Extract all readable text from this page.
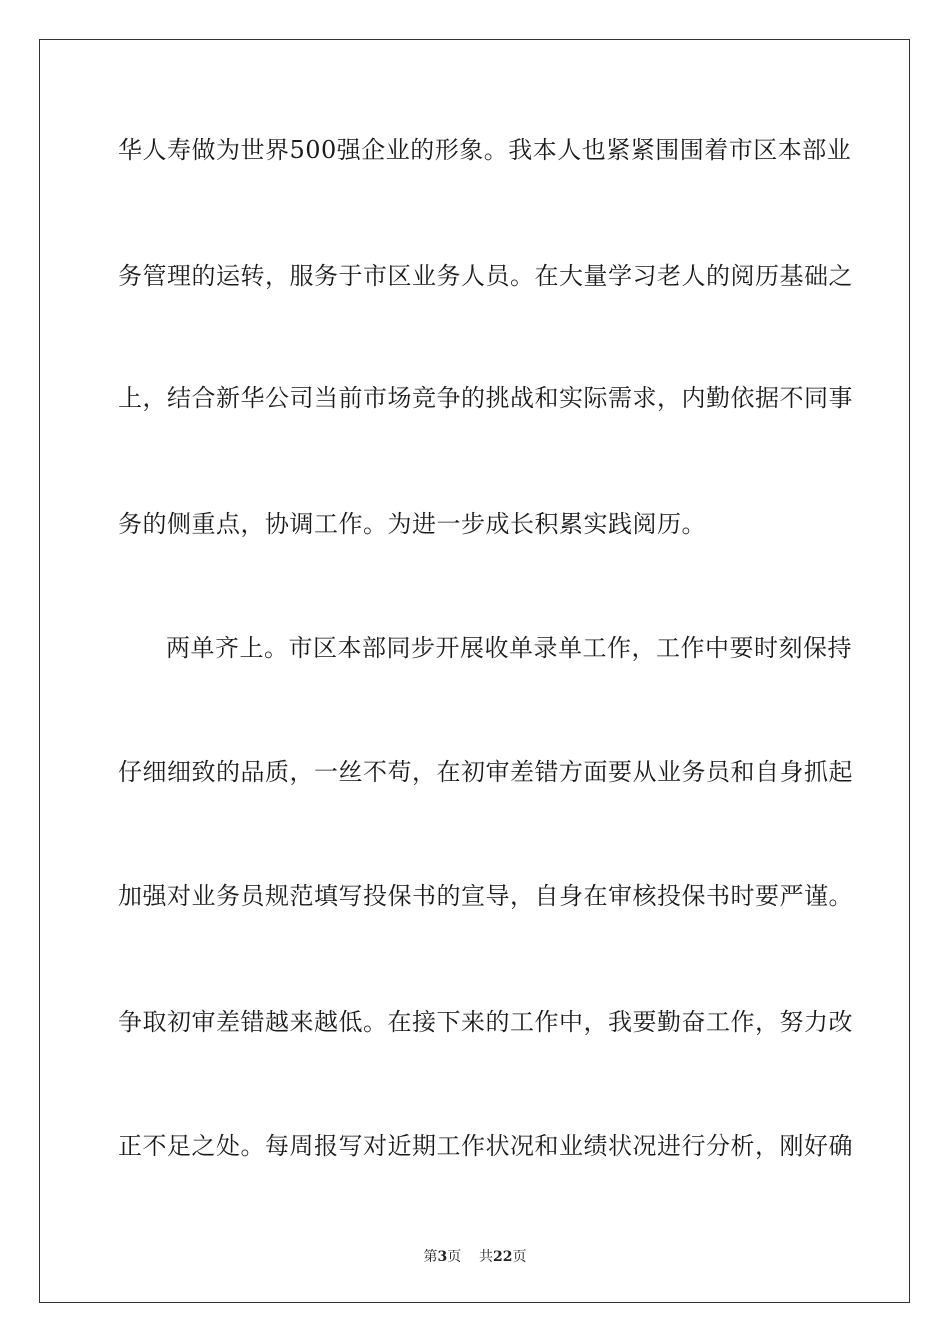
华人寿做为世界500强企业的形象。我本人也紧紧围围着市区本部业
务管理的运转，服务于市区业务人员。在大量学习老人的阅历基础之
上，结合新华公司当前市场竞争的挑战和实际需求，内勤依据不同事
务的侧重点，协调工作。为进一步成长积累实践阅历。
两单齐上。市区本部同步开展收单录单工作，工作中要时刻保持
仔细细致的品质，一丝不苟，在初审差错方面要从业务员和自身抓起
加强对业务员规范填写投保书的宣导，自身在审核投保书时要严谨。
争取初审差错越来越低。在接下来的工作中，我要勤奋工作，努力改
正不足之处。每周报写对近期工作状况和业绩状况进行分析，刚好确
第3页 共22页
